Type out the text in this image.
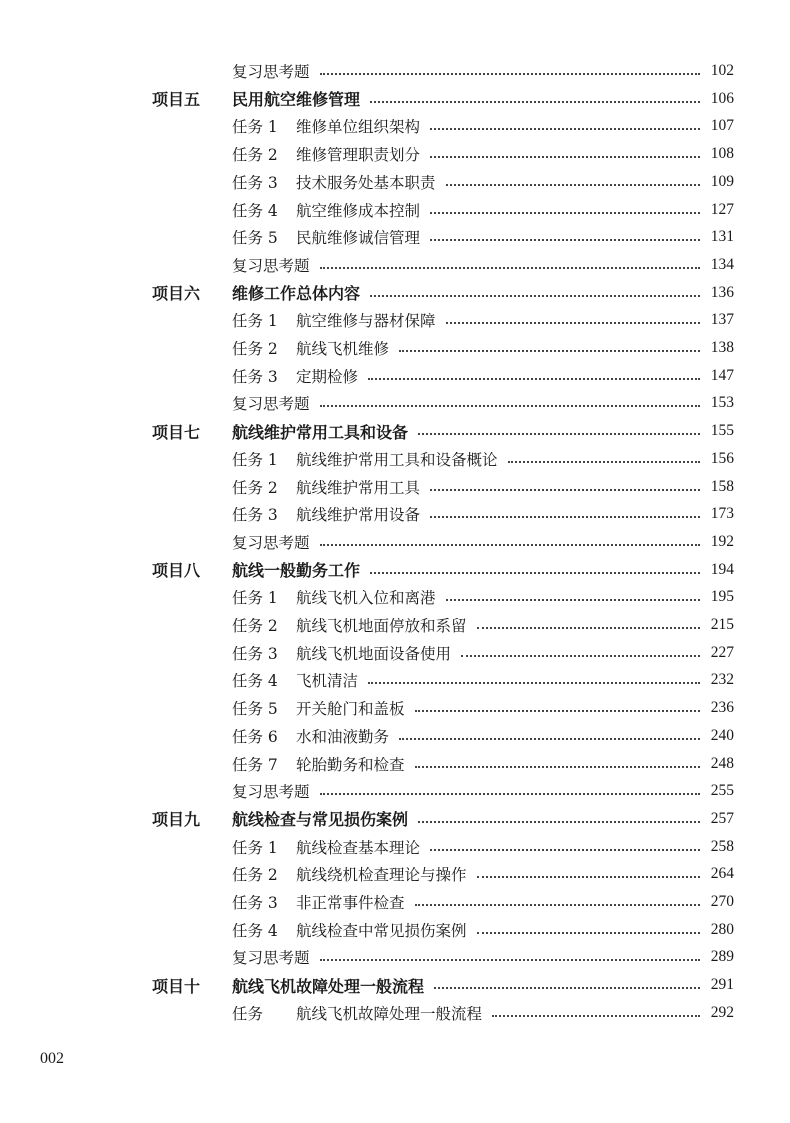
复习思考题	102
项目五	民用航空维修管理	106
任务 1	维修单位组织架构	107
任务 2	维修管理职责划分	108
任务 3	技术服务处基本职责	109
任务 4	航空维修成本控制	127
任务 5	民航维修诚信管理	131
复习思考题	134
项目六	维修工作总体内容	136
任务 1	航空维修与器材保障	137
任务 2	航线飞机维修	138
任务 3	定期检修	147
复习思考题	153
项目七	航线维护常用工具和设备	155
任务 1	航线维护常用工具和设备概论	156
任务 2	航线维护常用工具	158
任务 3	航线维护常用设备	173
复习思考题	192
项目八	航线一般勤务工作	194
任务 1	航线飞机入位和离港	195
任务 2	航线飞机地面停放和系留	215
任务 3	航线飞机地面设备使用	227
任务 4	飞机清洁	232
任务 5	开关舱门和盖板	236
任务 6	水和油液勤务	240
任务 7	轮胎勤务和检查	248
复习思考题	255
项目九	航线检查与常见损伤案例	257
任务 1	航线检查基本理论	258
任务 2	航线绕机检查理论与操作	264
任务 3	非正常事件检查	270
任务 4	航线检查中常见损伤案例	280
复习思考题	289
项目十	航线飞机故障处理一般流程	291
任务	航线飞机故障处理一般流程	292
002
